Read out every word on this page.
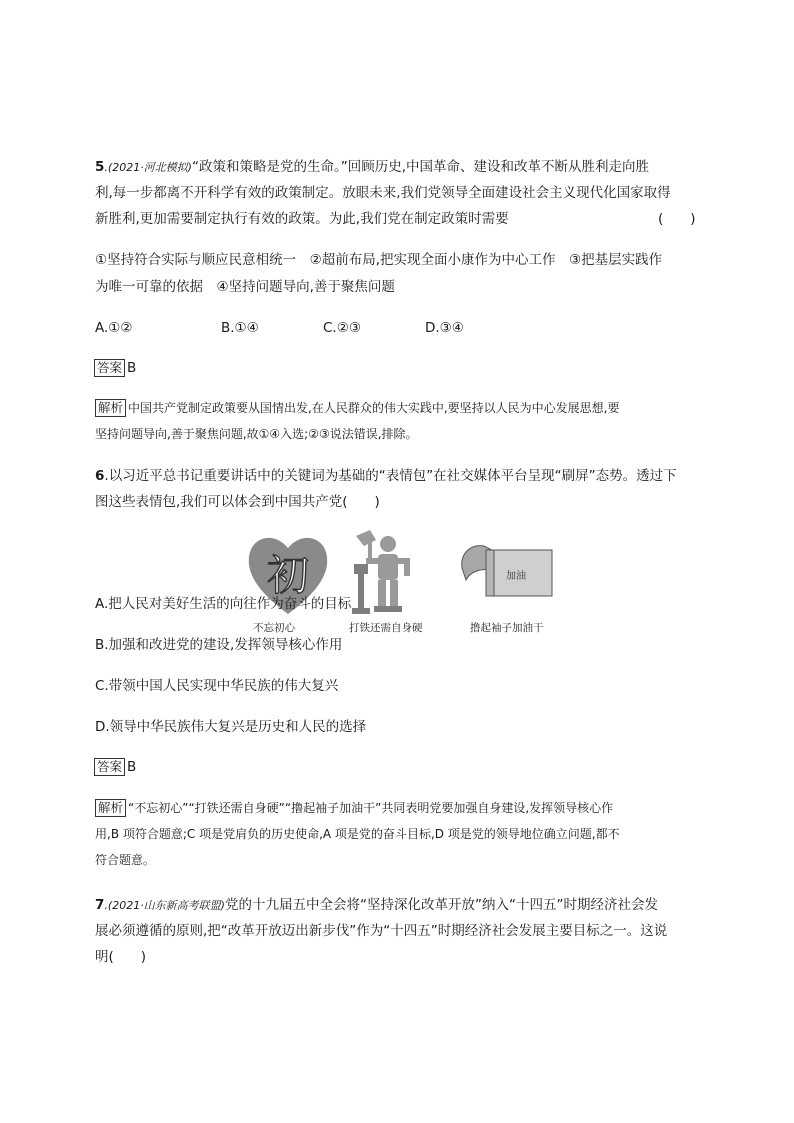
5.(2021·河北模拟)“政策和策略是党的生命。”回顾历史,中国革命、建设和改革不断从胜利走向胜
利,每一步都离不开科学有效的政策制定。放眼未来,我们党领导全面建设社会主义现代化国家取得
新胜利,更加需要制定执行有效的政策。为此,我们党在制定政策时需要	(　　)
①坚持符合实际与顺应民意相统一　②超前布局,把实现全面小康作为中心工作　③把基层实践作
为唯一可靠的依据　④坚持问题导向,善于聚焦问题
A.①②	B.①④	C.②③	D.③④
答案 B
解析 中国共产党制定政策要从国情出发,在人民群众的伟大实践中,要坚持以人民为中心发展思想,要
坚持问题导向,善于聚焦问题,故①④入选;②③说法错误,排除。
6.以习近平总书记重要讲话中的关键词为基础的“表情包”在社交媒体平台呈现“刷屏”态势。透过下
图这些表情包,我们可以体会到中国共产党(　　)
初
不忘初心	打铁还需自身硬
加油
撸起袖子加油干
A.把人民对美好生活的向往作为奋斗的目标
B.加强和改进党的建设,发挥领导核心作用
C.带领中国人民实现中华民族的伟大复兴
D.领导中华民族伟大复兴是历史和人民的选择
答案 B
解析 “不忘初心”“打铁还需自身硬”“撸起袖子加油干”共同表明党要加强自身建设,发挥领导核心作
用,B 项符合题意;C 项是党肩负的历史使命,A 项是党的奋斗目标,D 项是党的领导地位确立问题,都不
符合题意。
7.(2021·山东新高考联盟)党的十九届五中全会将“坚持深化改革开放”纳入“十四五”时期经济社会发
展必须遵循的原则,把“改革开放迈出新步伐”作为“十四五”时期经济社会发展主要目标之一。这说
明(　　)
